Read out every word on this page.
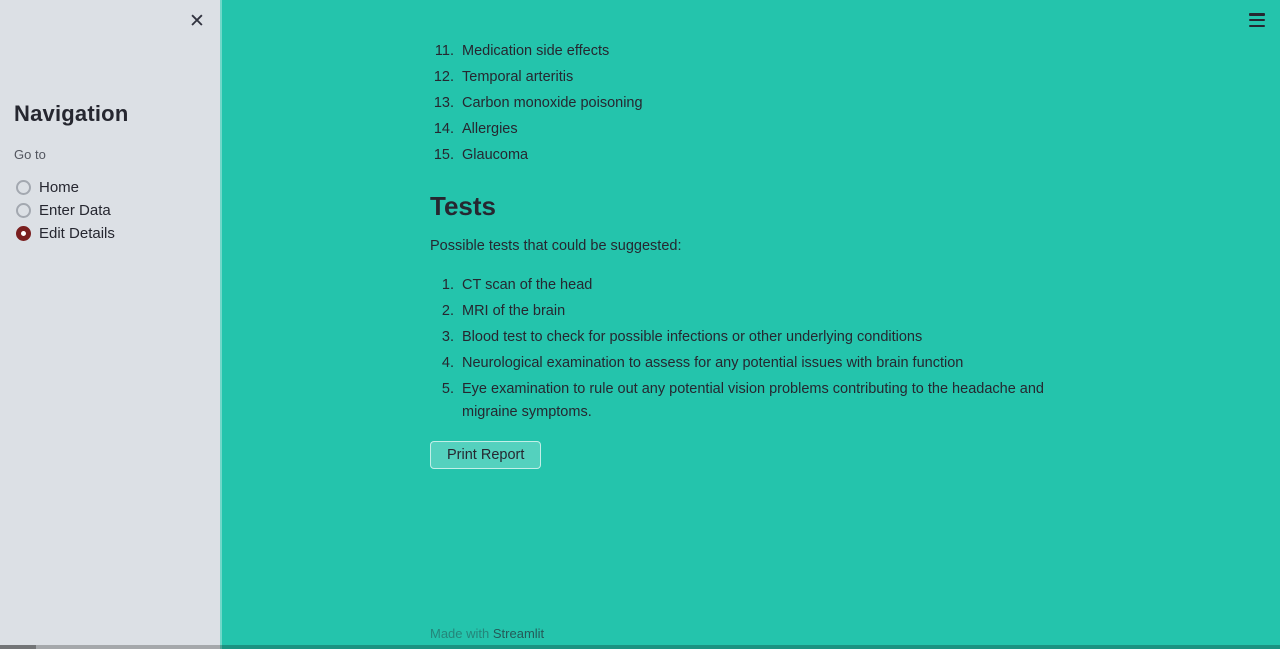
✕
Navigation
Go to
Home
Enter Data
Edit Details
11. Medication side effects
12. Temporal arteritis
13. Carbon monoxide poisoning
14. Allergies
15. Glaucoma
Tests

Possible tests that could be suggested:

1. CT scan of the head
2. MRI of the brain
3. Blood test to check for possible infections or other underlying conditions
4. Neurological examination to assess for any potential issues with brain function
5. Eye examination to rule out any potential vision problems contributing to the headache and migraine symptoms.
Print Report
Made with Streamlit
